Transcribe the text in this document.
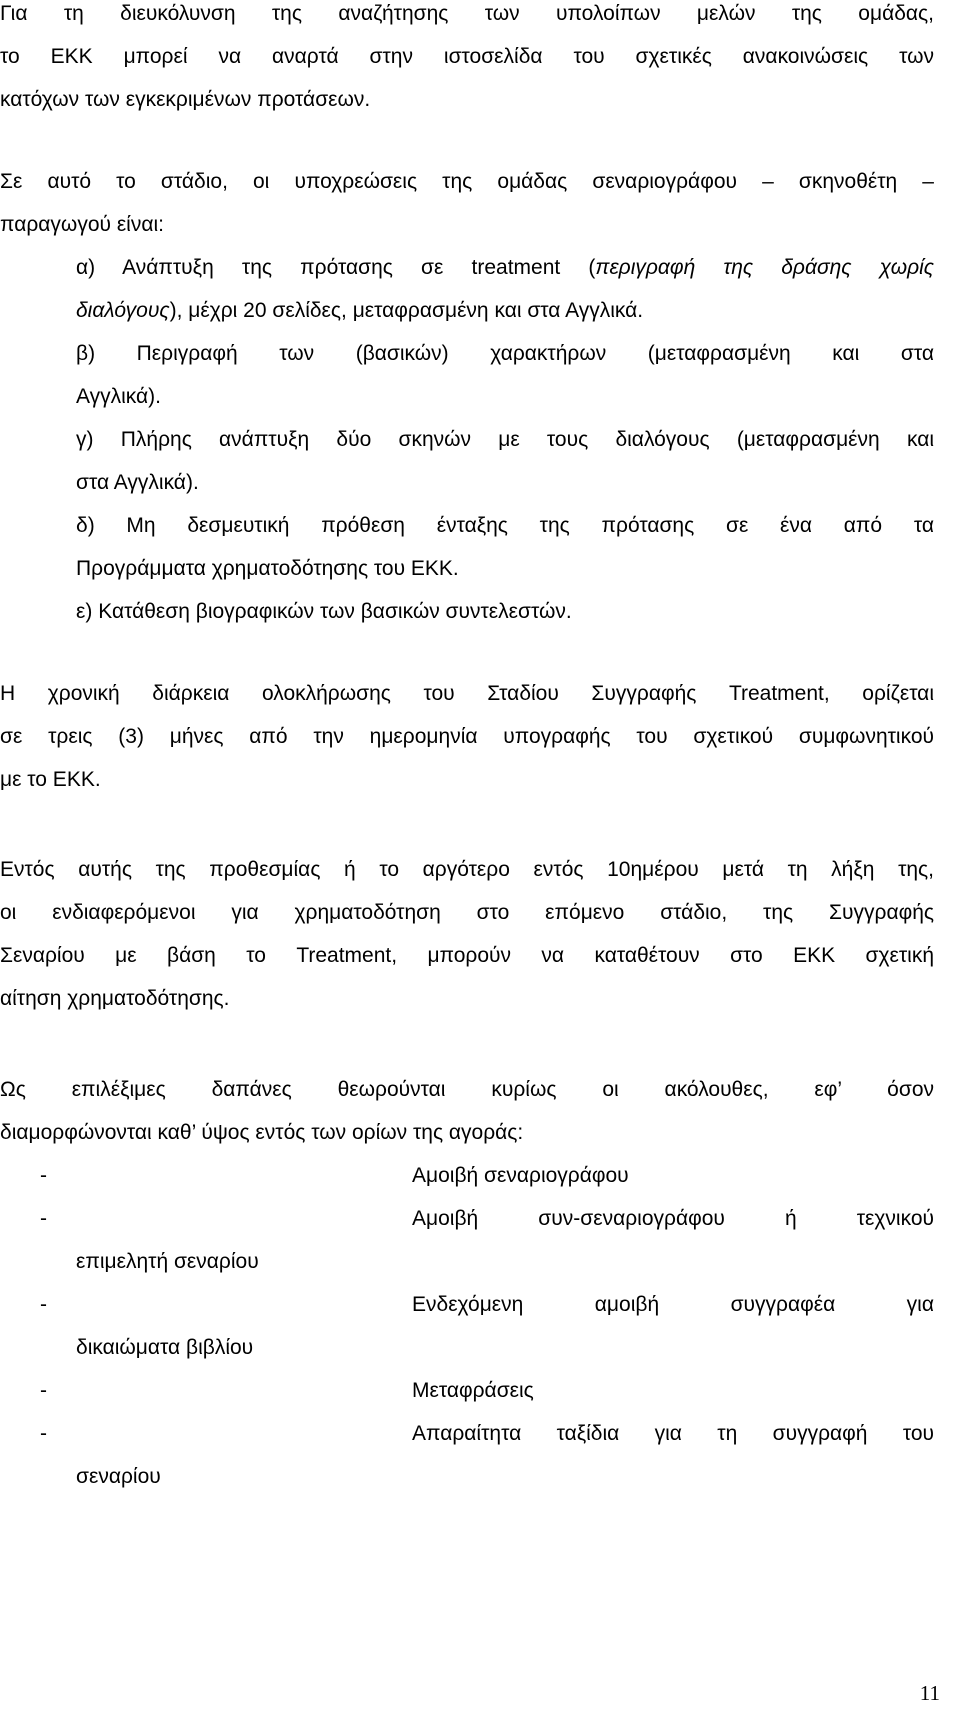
Για τη διευκόλυνση της αναζήτησης των υπολοίπων μελών της ομάδας,

το ΕΚΚ μπορεί να αναρτά στην ιστοσελίδα του σχετικές ανακοινώσεις των

κατόχων των εγκεκριμένων προτάσεων.

Σε αυτό το στάδιο, οι υποχρεώσεις της ομάδας σεναριογράφου – σκηνοθέτη –

παραγωγού είναι:

α) Ανάπτυξη της πρότασης σε treatment (περιγραφή της δράσης χωρίς

διαλόγους), μέχρι 20 σελίδες, μεταφρασμένη και στα Αγγλικά.

β) Περιγραφή των (βασικών) χαρακτήρων (μεταφρασμένη και στα

Αγγλικά).

γ) Πλήρης ανάπτυξη δύο σκηνών με τους διαλόγους (μεταφρασμένη και

στα Αγγλικά).

δ) Μη δεσμευτική πρόθεση ένταξης της πρότασης σε ένα από τα

Προγράμματα χρηματοδότησης του ΕΚΚ.

ε) Κατάθεση βιογραφικών των βασικών συντελεστών.

Η χρονική διάρκεια ολοκλήρωσης του Σταδίου Συγγραφής Treatment, ορίζεται

σε τρεις (3) μήνες από την ημερομηνία υπογραφής του σχετικού συμφωνητικού

με το ΕΚΚ.

Εντός αυτής της προθεσμίας ή το αργότερο εντός 10ημέρου μετά τη λήξη της,

οι ενδιαφερόμενοι για χρηματοδότηση στο επόμενο στάδιο, της Συγγραφής

Σεναρίου με βάση το Treatment, μπορούν να καταθέτουν στο ΕΚΚ σχετική

αίτηση χρηματοδότησης.

Ως επιλέξιμες δαπάνες θεωρούνται κυρίως οι ακόλουθες, εφ’ όσον

διαμορφώνονται καθ’ ύψος εντός των ορίων της αγοράς:

-	Αμοιβή σεναριογράφου
-	Αμοιβή συν-σεναριογράφου ή τεχνικού
επιμελητή σεναρίου
-	Ενδεχόμενη αμοιβή συγγραφέα για
δικαιώματα βιβλίου
-	Μεταφράσεις
-	Απαραίτητα ταξίδια για τη συγγραφή του
σεναρίου
11
